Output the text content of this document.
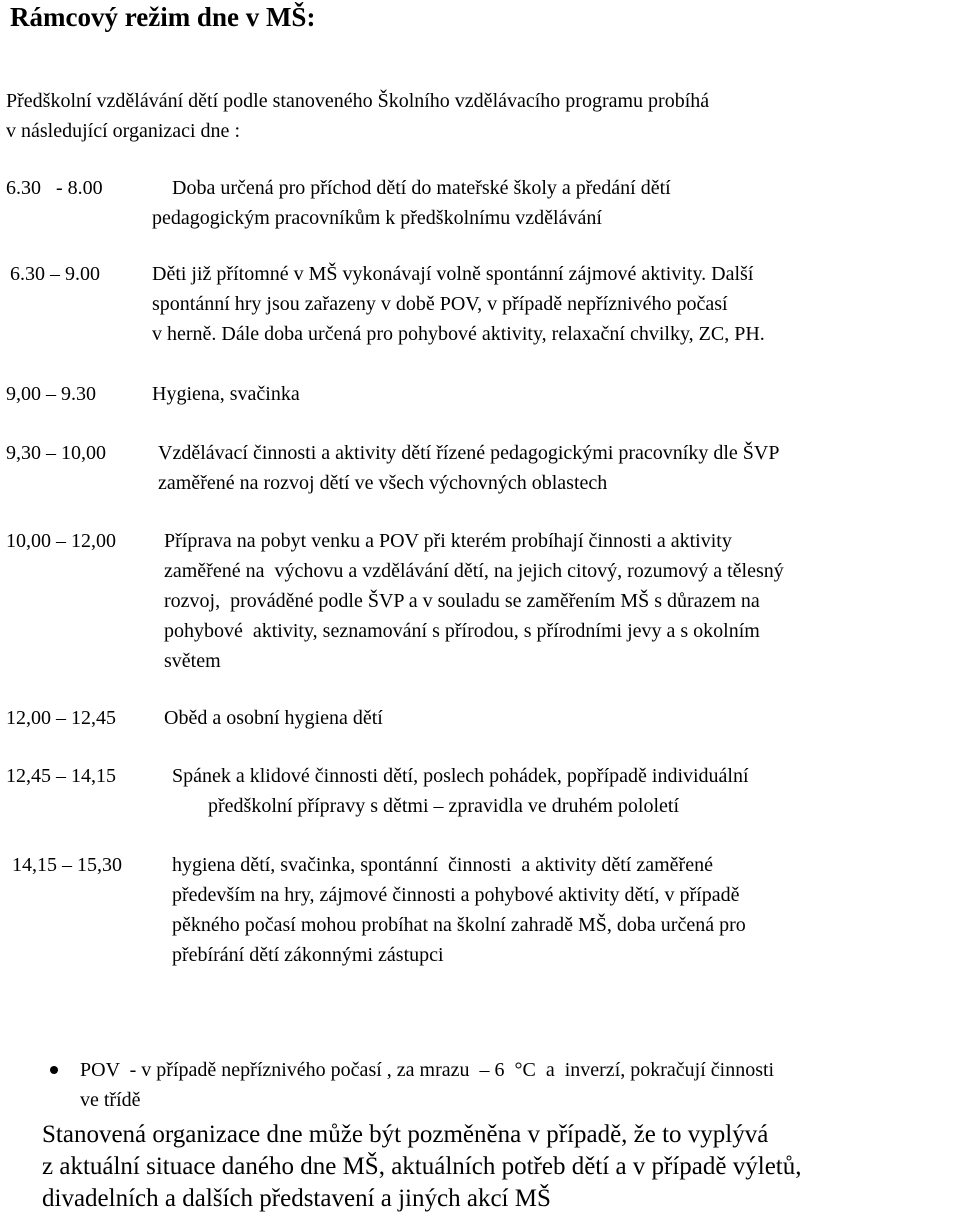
Rámcový režim dne v MŠ:
Předškolní vzdělávání dětí podle stanoveného Školního vzdělávacího programu probíhá
v následující organizaci dne :
6.30   - 8.00	Doba určená pro příchod dětí do mateřské školy a předání dětí
pedagogickým pracovníkům k předškolnímu vzdělávání
6.30 – 9.00	Děti již přítomné v MŠ vykonávají volně spontánní zájmové aktivity. Další
spontánní hry jsou zařazeny v době POV, v případě nepříznivého počasí
v herně. Dále doba určená pro pohybové aktivity, relaxační chvilky, ZC, PH.
9,00 – 9.30	Hygiena, svačinka
9,30 – 10,00	Vzdělávací činnosti a aktivity dětí řízené pedagogickými pracovníky dle ŠVP
zaměřené na rozvoj dětí ve všech výchovných oblastech
10,00 – 12,00 Příprava na pobyt venku a POV při kterém probíhají činnosti a aktivity
zaměřené na  výchovu a vzdělávání dětí, na jejich citový, rozumový a tělesný
rozvoj,  prováděné podle ŠVP a v souladu se zaměřením MŠ s důrazem na
pohybové  aktivity, seznamování s přírodou, s přírodními jevy a s okolním
světem
12,00 – 12,45 Oběd a osobní hygiena dětí
12,45 – 14,15	Spánek a klidové činnosti dětí, poslech pohádek, popřípadě individuální
předškolní přípravy s dětmi – zpravidla ve druhém pololetí
14,15 – 15,30	hygiena dětí, svačinka, spontánní  činnosti  a aktivity dětí zaměřené
především na hry, zájmové činnosti a pohybové aktivity dětí, v případě
pěkného počasí mohou probíhat na školní zahradě MŠ, doba určená pro
přebírání dětí zákonnými zástupci
POV  - v případě nepříznivého počasí , za mrazu  – 6  °C  a  inverzí, pokračují činnosti
ve třídě
Stanovená organizace dne může být pozměněna v případě, že to vyplývá
z aktuální situace daného dne MŠ, aktuálních potřeb dětí a v případě výletů,
divadelních a dalších představení a jiných akcí MŠ
